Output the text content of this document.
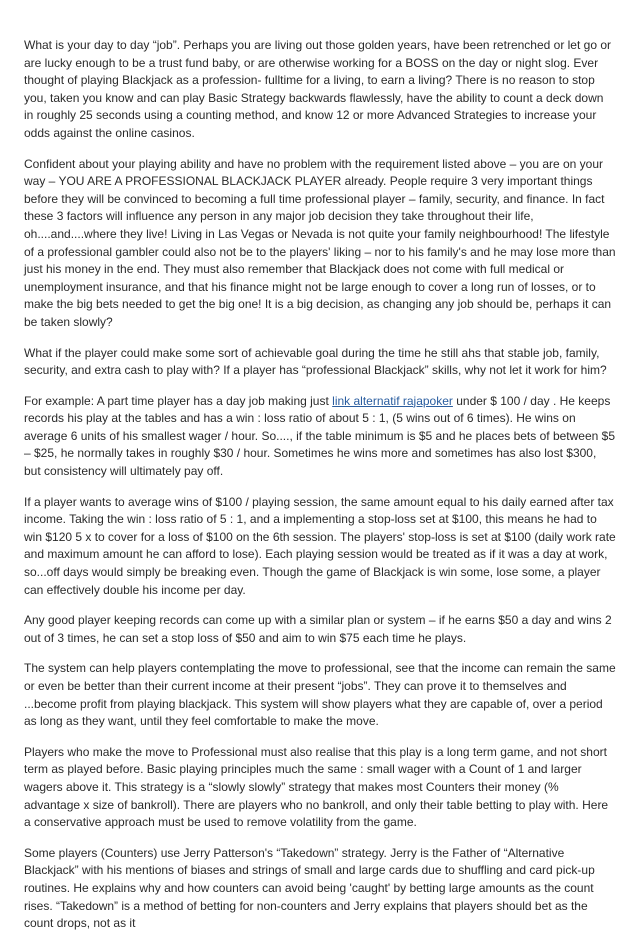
What is your day to day “job”. Perhaps you are living out those golden years, have been retrenched or let go or are lucky enough to be a trust fund baby, or are otherwise working for a BOSS on the day or night slog. Ever thought of playing Blackjack as a profession- fulltime for a living, to earn a living? There is no reason to stop you, taken you know and can play Basic Strategy backwards flawlessly, have the ability to count a deck down in roughly 25 seconds using a counting method, and know 12 or more Advanced Strategies to increase your odds against the online casinos.

Confident about your playing ability and have no problem with the requirement listed above – you are on your way – YOU ARE A PROFESSIONAL BLACKJACK PLAYER already. People require 3 very important things before they will be convinced to becoming a full time professional player – family, security, and finance. In fact these 3 factors will influence any person in any major job decision they take throughout their life, oh....and....where they live! Living in Las Vegas or Nevada is not quite your family neighbourhood! The lifestyle of a professional gambler could also not be to the players' liking – nor to his family's and he may lose more than just his money in the end. They must also remember that Blackjack does not come with full medical or unemployment insurance, and that his finance might not be large enough to cover a long run of losses, or to make the big bets needed to get the big one! It is a big decision, as changing any job should be, perhaps it can be taken slowly?

What if the player could make some sort of achievable goal during the time he still ahs that stable job, family, security, and extra cash to play with? If a player has “professional Blackjack” skills, why not let it work for him?

For example: A part time player has a day job making just link alternatif rajapoker under $ 100 / day . He keeps records his play at the tables and has a win : loss ratio of about 5 : 1, (5 wins out of 6 times). He wins on average 6 units of his smallest wager / hour. So...., if the table minimum is $5 and he places bets of between $5 – $25, he normally takes in roughly $30 / hour. Sometimes he wins more and sometimes has also lost $300, but consistency will ultimately pay off.

If a player wants to average wins of $100 / playing session, the same amount equal to his daily earned after tax income. Taking the win : loss ratio of 5 : 1, and a implementing a stop-loss set at $100, this means he had to win $120 5 x to cover for a loss of $100 on the 6th session. The players' stop-loss is set at $100 (daily work rate and maximum amount he can afford to lose). Each playing session would be treated as if it was a day at work, so...off days would simply be breaking even. Though the game of Blackjack is win some, lose some, a player can effectively double his income per day.

Any good player keeping records can come up with a similar plan or system – if he earns $50 a day and wins 2 out of 3 times, he can set a stop loss of $50 and aim to win $75 each time he plays.

The system can help players contemplating the move to professional, see that the income can remain the same or even be better than their current income at their present “jobs”. They can prove it to themselves and ...become profit from playing blackjack. This system will show players what they are capable of, over a period as long as they want, until they feel comfortable to make the move.

Players who make the move to Professional must also realise that this play is a long term game, and not short term as played before. Basic playing principles much the same : small wager with a Count of 1 and larger wagers above it. This strategy is a “slowly slowly” strategy that makes most Counters their money (% advantage x size of bankroll). There are players who no bankroll, and only their table betting to play with. Here a conservative approach must be used to remove volatility from the game.

Some players (Counters) use Jerry Patterson's “Takedown” strategy. Jerry is the Father of “Alternative Blackjack” with his mentions of biases and strings of small and large cards due to shuffling and card pick-up routines. He explains why and how counters can avoid being 'caught' by betting large amounts as the count rises. “Takedown” is a method of betting for non-counters and Jerry explains that players should bet as the count drops, not as it
